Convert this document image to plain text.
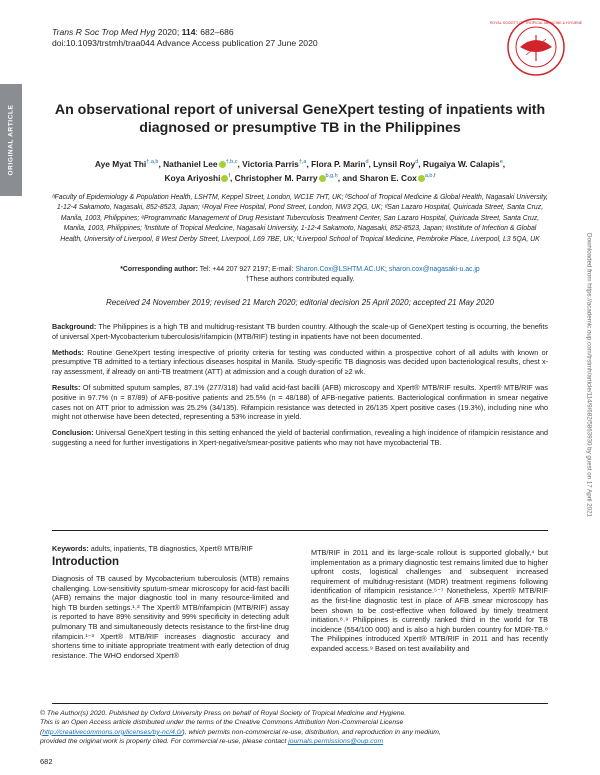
ORIGINAL ARTICLE
Trans R Soc Trop Med Hyg 2020; 114: 682–686
doi:10.1093/trstmh/traa044 Advance Access publication 27 June 2020
ROYAL SOCIETY OF TROPICAL MEDICINE & HYGIENE
An observational report of universal GeneXpert testing of inpatients with diagnosed or presumptive TB in the Philippines
Aye Myat Thi$^{\dagger,a,b}$, Nathaniel Lee $^{\dagger,b,c}$, Victoria Parris$^{\dagger,a}$, Flora P. Marin$^d$, Lynsil Roy$^d$, Rugaiya W. Calapis$^e$,
Koya Ariyoshi $^f$, Christopher M. Parry $^{b,g,h}$, and Sharon E. Cox $^{a,b,f}$
ᵃFaculty of Epidemiology & Population Health, LSHTM, Keppel Street, London, WC1E 7HT, UK; ᵇSchool of Tropical Medicine & Global Health, Nagasaki University, 1-12-4 Sakamoto, Nagasaki, 852-8523, Japan; ᶜRoyal Free Hospital, Pond Street, London, NW3 2QG, UK; ᵈSan Lazaro Hospital, Quiricada Street, Santa Cruz, Manila, 1003, Philippines; ᵉProgrammatic Management of Drug Resistant Tuberculosis Treatment Center, San Lazaro Hospital, Quiricada Street, Santa Cruz, Manila, 1003, Philippines; ᶠInstitute of Tropical Medicine, Nagasaki University, 1-12-4 Sakamoto, Nagasaki, 852-8523, Japan; ᵍInstitute of Infection & Global Health, University of Liverpool, 8 West Derby Street, Liverpool, L69 7BE, UK; ʰLiverpool School of Tropical Medicine, Pembroke Place, Liverpool, L3 5QA, UK
*Corresponding author: Tel: +44 207 927 2197; E-mail: Sharon.Cox@LSHTM.AC.UK; sharon.cox@nagasaki-u.ac.jp
†These authors contributed equally.
Received 24 November 2019; revised 21 March 2020; editorial decision 25 April 2020; accepted 21 May 2020

Background: The Philippines is a high TB and multidrug-resistant TB burden country. Although the scale-up of GeneXpert testing is occurring, the benefits of universal Xpert-Mycobacterium tuberculosis/rifampicin (MTB/RIF) testing in inpatients have not been documented.

Methods: Routine GeneXpert testing irrespective of priority criteria for testing was conducted within a prospective cohort of all adults with known or presumptive TB admitted to a tertiary infectious diseases hospital in Manila. Study-specific TB diagnosis was decided upon bacteriological results, chest x-ray assessment, if already on anti-TB treatment (ATT) at admission and a cough duration of ≥2 wk.

Results: Of submitted sputum samples, 87.1% (277/318) had valid acid-fast bacilli (AFB) microscopy and Xpert® MTB/RIF results. Xpert® MTB/RIF was positive in 97.7% (n = 87/89) of AFB-positive patients and 25.5% (n = 48/188) of AFB-negative patients. Bacteriological confirmation in smear negative cases not on ATT prior to admission was 25.2% (34/135). Rifampicin resistance was detected in 26/135 Xpert positive cases (19.3%), including nine who might not otherwise have been detected, representing a 53% increase in yield.

Conclusion: Universal GeneXpert testing in this setting enhanced the yield of bacterial confirmation, revealing a high incidence of rifampicin resistance and suggesting a need for further investigations in Xpert-negative/smear-positive patients who may not have mycobacterial TB.

Keywords: adults, inpatients, TB diagnostics, Xpert® MTB/RIF
Introduction
Diagnosis of TB caused by Mycobacterium tuberculosis (MTB) remains challenging. Low-sensitivity sputum-smear microscopy for acid-fast bacilli (AFB) remains the major diagnostic tool in many resource-limited and high TB burden settings.¹˒² The Xpert® MTB/rifampicin (MTB/RIF) assay is reported to have 89% sensitivity and 99% specificity in detecting adult pulmonary TB and simultaneously detects resistance to the first-line drug rifampicin.¹⁻³ Xpert® MTB/RIF increases diagnostic accuracy and shortens time to initiate appropriate treatment with early detection of drug resistance. The WHO endorsed Xpert®
MTB/RIF in 2011 and its large-scale rollout is supported globally,⁴ but implementation as a primary diagnostic test remains limited due to higher upfront costs, logistical challenges and subsequent increased requirement of multidrug-resistant (MDR) treatment regimens following identification of rifampicin resistance.⁵⁻⁷ Nonetheless, Xpert® MTB/RIF as the first-line diagnostic test in place of AFB smear microscopy has been shown to be cost-effective when followed by timely treatment initiation.⁸˒⁹ Philippines is currently ranked third in the world for TB incidence (554/100 000) and is also a high burden country for MDR-TB.⁸ The Philippines introduced Xpert® MTB/RIF in 2011 and has recently expanded access.⁹ Based on test availability and
© The Author(s) 2020. Published by Oxford University Press on behalf of Royal Society of Tropical Medicine and Hygiene.
This is an Open Access article distributed under the terms of the Creative Commons Attribution Non-Commercial License
(http://creativecommons.org/licenses/by-nc/4.0/), which permits non-commercial re-use, distribution, and reproduction in any medium,
provided the original work is properly cited. For commercial re-use, please contact journals.permissions@oup.com
682
Downloaded from https://academic.oup.com/trstmh/article/114/9/682/5863930 by guest on 17 April 2021
